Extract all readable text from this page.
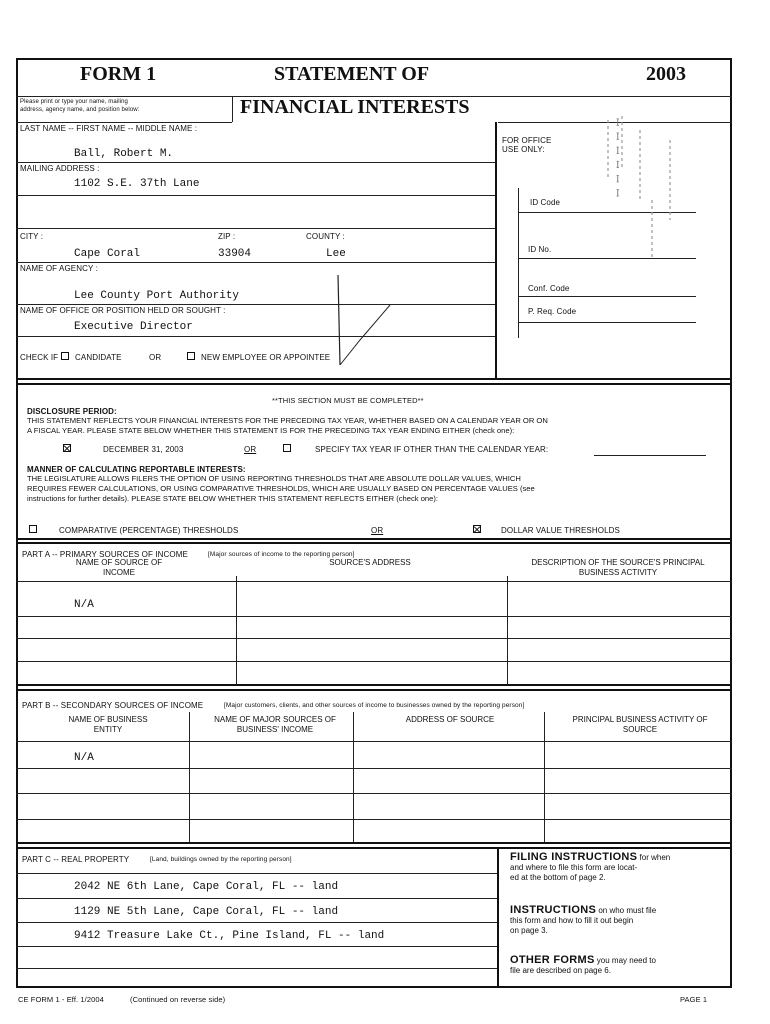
FORM 1	STATEMENT OF	2003
FINANCIAL INTERESTS
Please print or type your name, mailing
address, agency name, and position below:
LAST NAME -- FIRST NAME -- MIDDLE NAME :
Ball, Robert M.
MAILING ADDRESS :
1102 S.E. 37th Lane
CITY :	ZIP :	COUNTY :
Cape Coral	33904	Lee
NAME OF AGENCY :
Lee County Port Authority
NAME OF OFFICE OR POSITION HELD OR SOUGHT :
Executive Director
CHECK IF CANDIDATE	OR	NEW EMPLOYEE OR APPOINTEE
FOR OFFICE
USE ONLY:
ID Code
ID No.
Conf. Code
P. Req. Code
ꟷ ꟷ ꟷ ꟷ ꟷ ꟷ
**THIS SECTION MUST BE COMPLETED**
DISCLOSURE PERIOD:
THIS STATEMENT REFLECTS YOUR FINANCIAL INTERESTS FOR THE PRECEDING TAX YEAR, WHETHER BASED ON A CALENDAR YEAR OR ON
A FISCAL YEAR. PLEASE STATE BELOW WHETHER THIS STATEMENT IS FOR THE PRECEDING TAX YEAR ENDING EITHER (check one):
DECEMBER 31, 2003	OR	SPECIFY TAX YEAR IF OTHER THAN THE CALENDAR YEAR:
MANNER OF CALCULATING REPORTABLE INTERESTS:
THE LEGISLATURE ALLOWS FILERS THE OPTION OF USING REPORTING THRESHOLDS THAT ARE ABSOLUTE DOLLAR VALUES, WHICH
REQUIRES FEWER CALCULATIONS, OR USING COMPARATIVE THRESHOLDS, WHICH ARE USUALLY BASED ON PERCENTAGE VALUES (see
instructions for further details). PLEASE STATE BELOW WHETHER THIS STATEMENT REFLECTS EITHER (check one):
COMPARATIVE (PERCENTAGE) THRESHOLDS	OR	DOLLAR VALUE THRESHOLDS
PART A -- PRIMARY SOURCES OF INCOME	[Major sources of income to the reporting person]
NAME OF SOURCE OF INCOME
SOURCE'S ADDRESS	DESCRIPTION OF THE SOURCE'S PRINCIPAL BUSINESS ACTIVITY
N/A
PART B -- SECONDARY SOURCES OF INCOME	[Major customers, clients, and other sources of income to businesses owned by the reporting person]
NAME OF BUSINESS ENTITY
NAME OF MAJOR SOURCES OF BUSINESS' INCOME
ADDRESS OF SOURCE	PRINCIPAL BUSINESS ACTIVITY OF SOURCE
N/A
PART C -- REAL PROPERTY	[Land, buildings owned by the reporting person]
2042 NE 6th Lane, Cape Coral, FL -- land
1129 NE 5th Lane, Cape Coral, FL -- land
9412 Treasure Lake Ct., Pine Island, FL -- land
FILING INSTRUCTIONS for when
and where to file this form are locat-
ed at the bottom of page 2.
INSTRUCTIONS on who must file
this form and how to fill it out begin
on page 3.
OTHER FORMS you may need to
file are described on page 6.
CE FORM 1 - Eff. 1/2004	(Continued on reverse side)	PAGE 1
